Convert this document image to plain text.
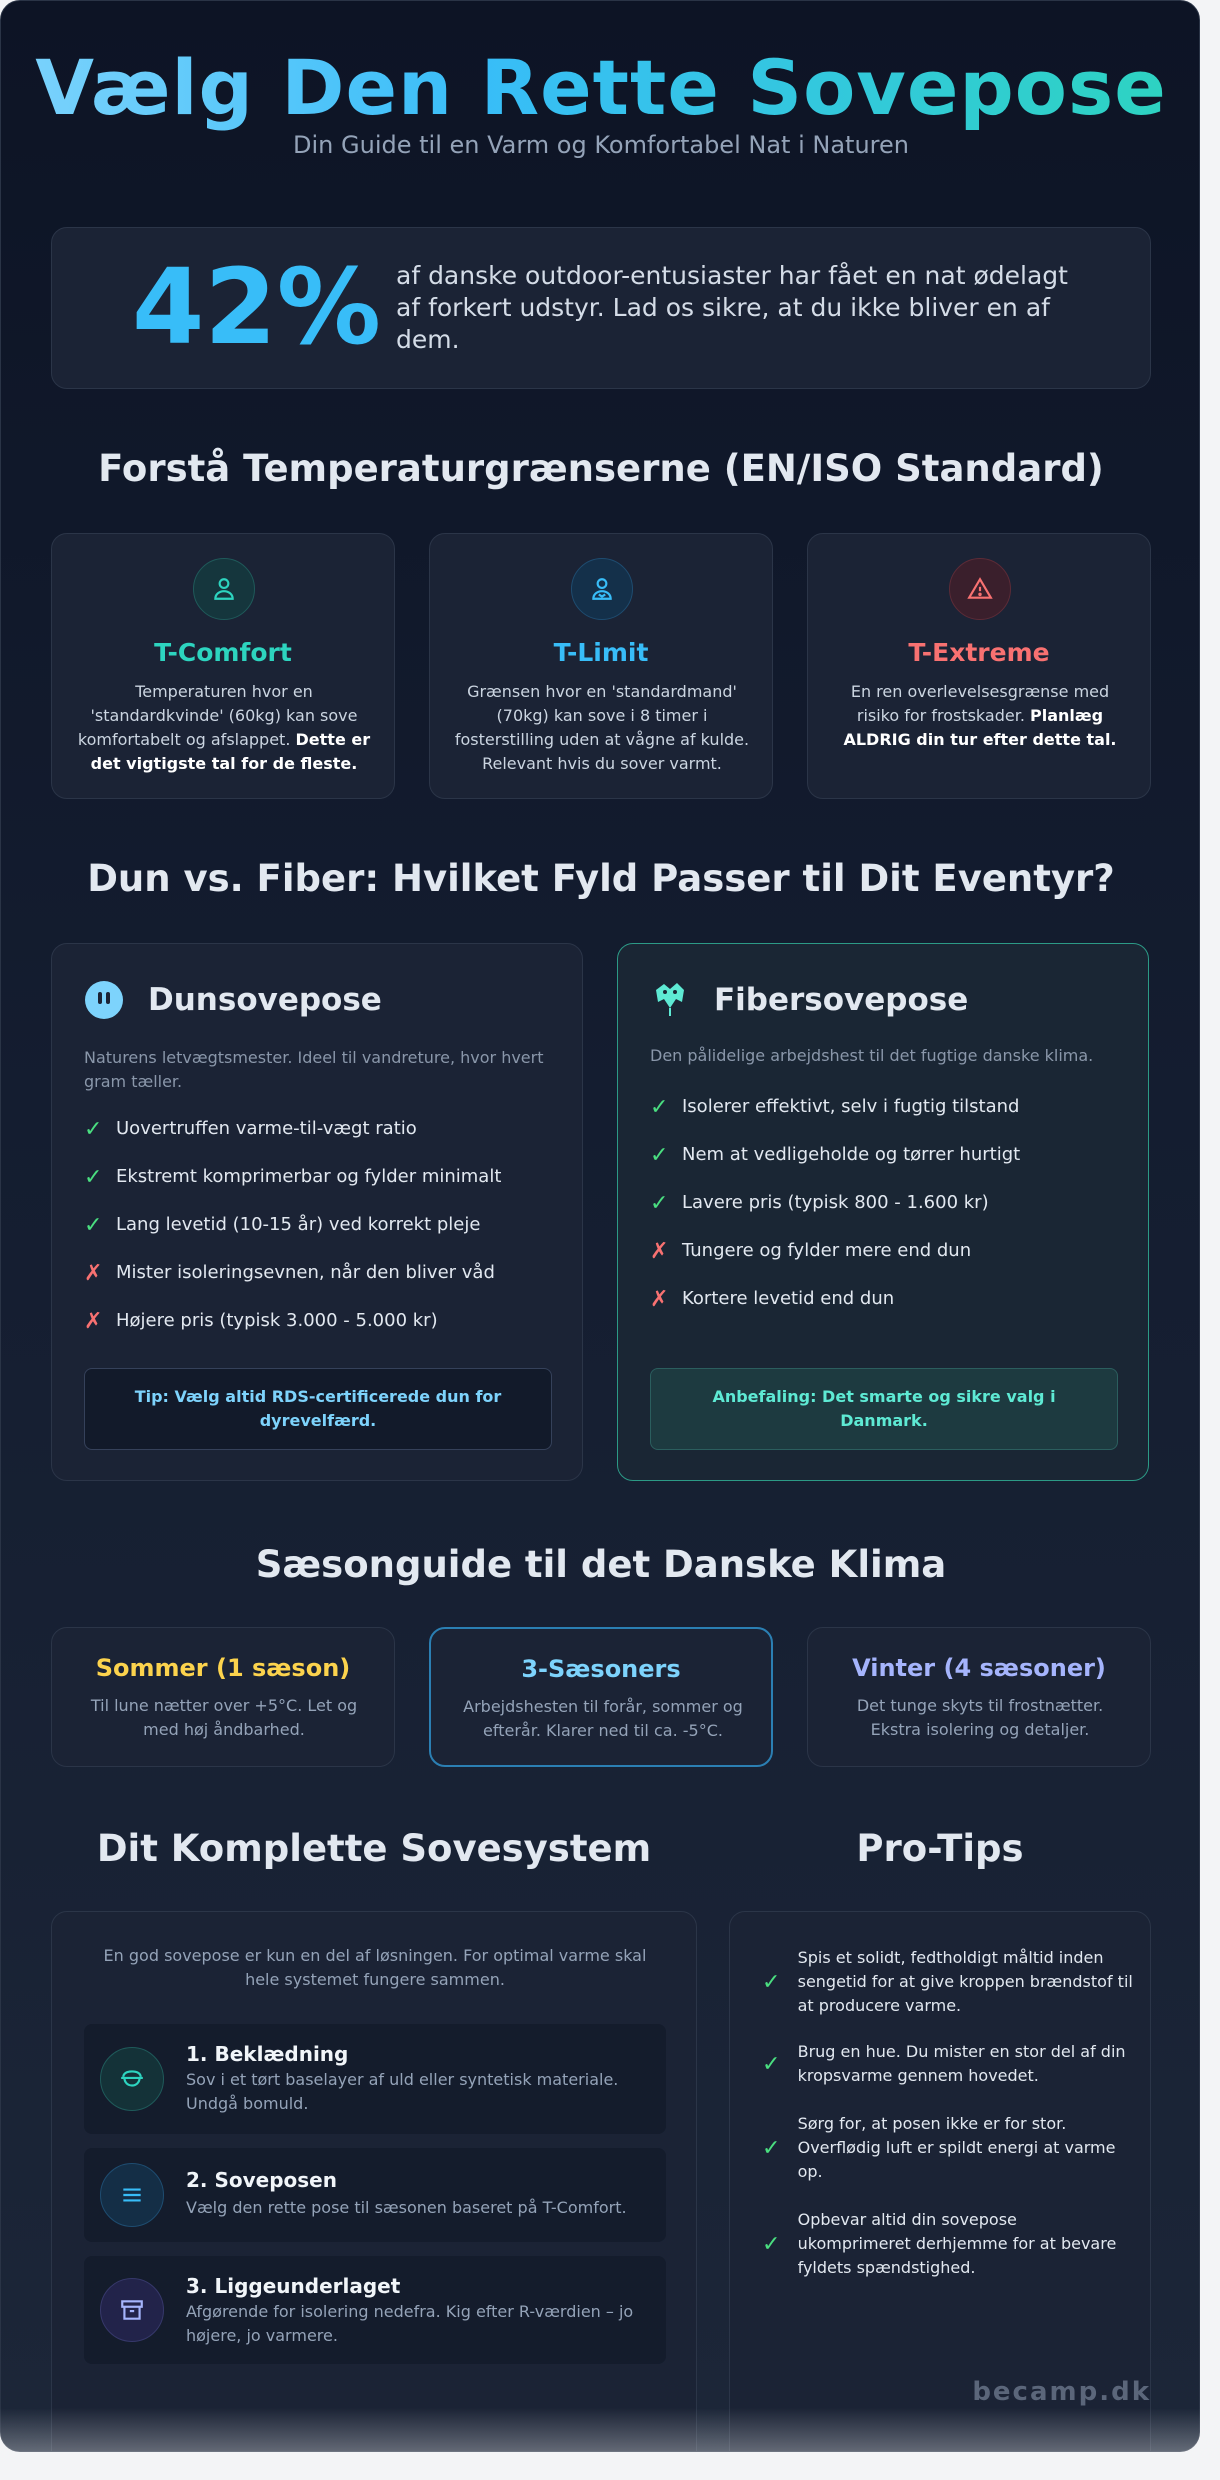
Vælg Den Rette Sovepose
Din Guide til en Varm og Komfortabel Nat i Naturen
42% af danske outdoor-entusiaster har fået en nat ødelagt af forkert udstyr. Lad os sikre, at du ikke bliver en af dem.
Forstå Temperaturgrænserne (EN/ISO Standard)
T-Comfort
Temperaturen hvor en 'standardkvinde' (60kg) kan sove komfortabelt og afslappet. Dette er det vigtigste tal for de fleste.
T-Limit
Grænsen hvor en 'standardmand' (70kg) kan sove i 8 timer i fosterstilling uden at vågne af kulde. Relevant hvis du sover varmt.
T-Extreme
En ren overlevelsesgrænse med risiko for frostskader. Planlæg ALDRIG din tur efter dette tal.
Dun vs. Fiber: Hvilket Fyld Passer til Dit Eventyr?
Dunsovepose
Naturens letvægtsmester. Ideel til vandreture, hvor hvert gram tæller.
✓ Uovertruffen varme-til-vægt ratio
✓ Ekstremt komprimerbar og fylder minimalt
✓ Lang levetid (10-15 år) ved korrekt pleje
✗ Mister isoleringsevnen, når den bliver våd
✗ Højere pris (typisk 3.000 - 5.000 kr)
Tip: Vælg altid RDS-certificerede dun for dyrevelfærd.
Fibersovepose
Den pålidelige arbejdshest til det fugtige danske klima.
✓ Isolerer effektivt, selv i fugtig tilstand
✓ Nem at vedligeholde og tørrer hurtigt
✓ Lavere pris (typisk 800 - 1.600 kr)
✗ Tungere og fylder mere end dun
✗ Kortere levetid end dun
Anbefaling: Det smarte og sikre valg i Danmark.
Sæsonguide til det Danske Klima
Sommer (1 sæson)
Til lune nætter over +5°C. Let og med høj åndbarhed.
3-Sæsoners
Arbejdshesten til forår, sommer og efterår. Klarer ned til ca. -5°C.
Vinter (4 sæsoner)
Det tunge skyts til frostnætter. Ekstra isolering og detaljer.
Dit Komplette Sovesystem	Pro-Tips
En god sovepose er kun en del af løsningen. For optimal varme skal hele systemet fungere sammen.
1. Beklædning
Sov i et tørt baselayer af uld eller syntetisk materiale. Undgå bomuld.
2. Soveposen
Vælg den rette pose til sæsonen baseret på T-Comfort.
3. Liggeunderlaget
Afgørende for isolering nedefra. Kig efter R-værdien – jo højere, jo varmere.
✓
Spis et solidt, fedtholdigt måltid inden sengetid for at give kroppen brændstof til at producere varme.
✓
Brug en hue. Du mister en stor del af din kropsvarme gennem hovedet.
✓
Sørg for, at posen ikke er for stor. Overflødig luft er spildt energi at varme op.
✓
Opbevar altid din sovepose ukomprimeret derhjemme for at bevare fyldets spændstighed.
becamp.dk
